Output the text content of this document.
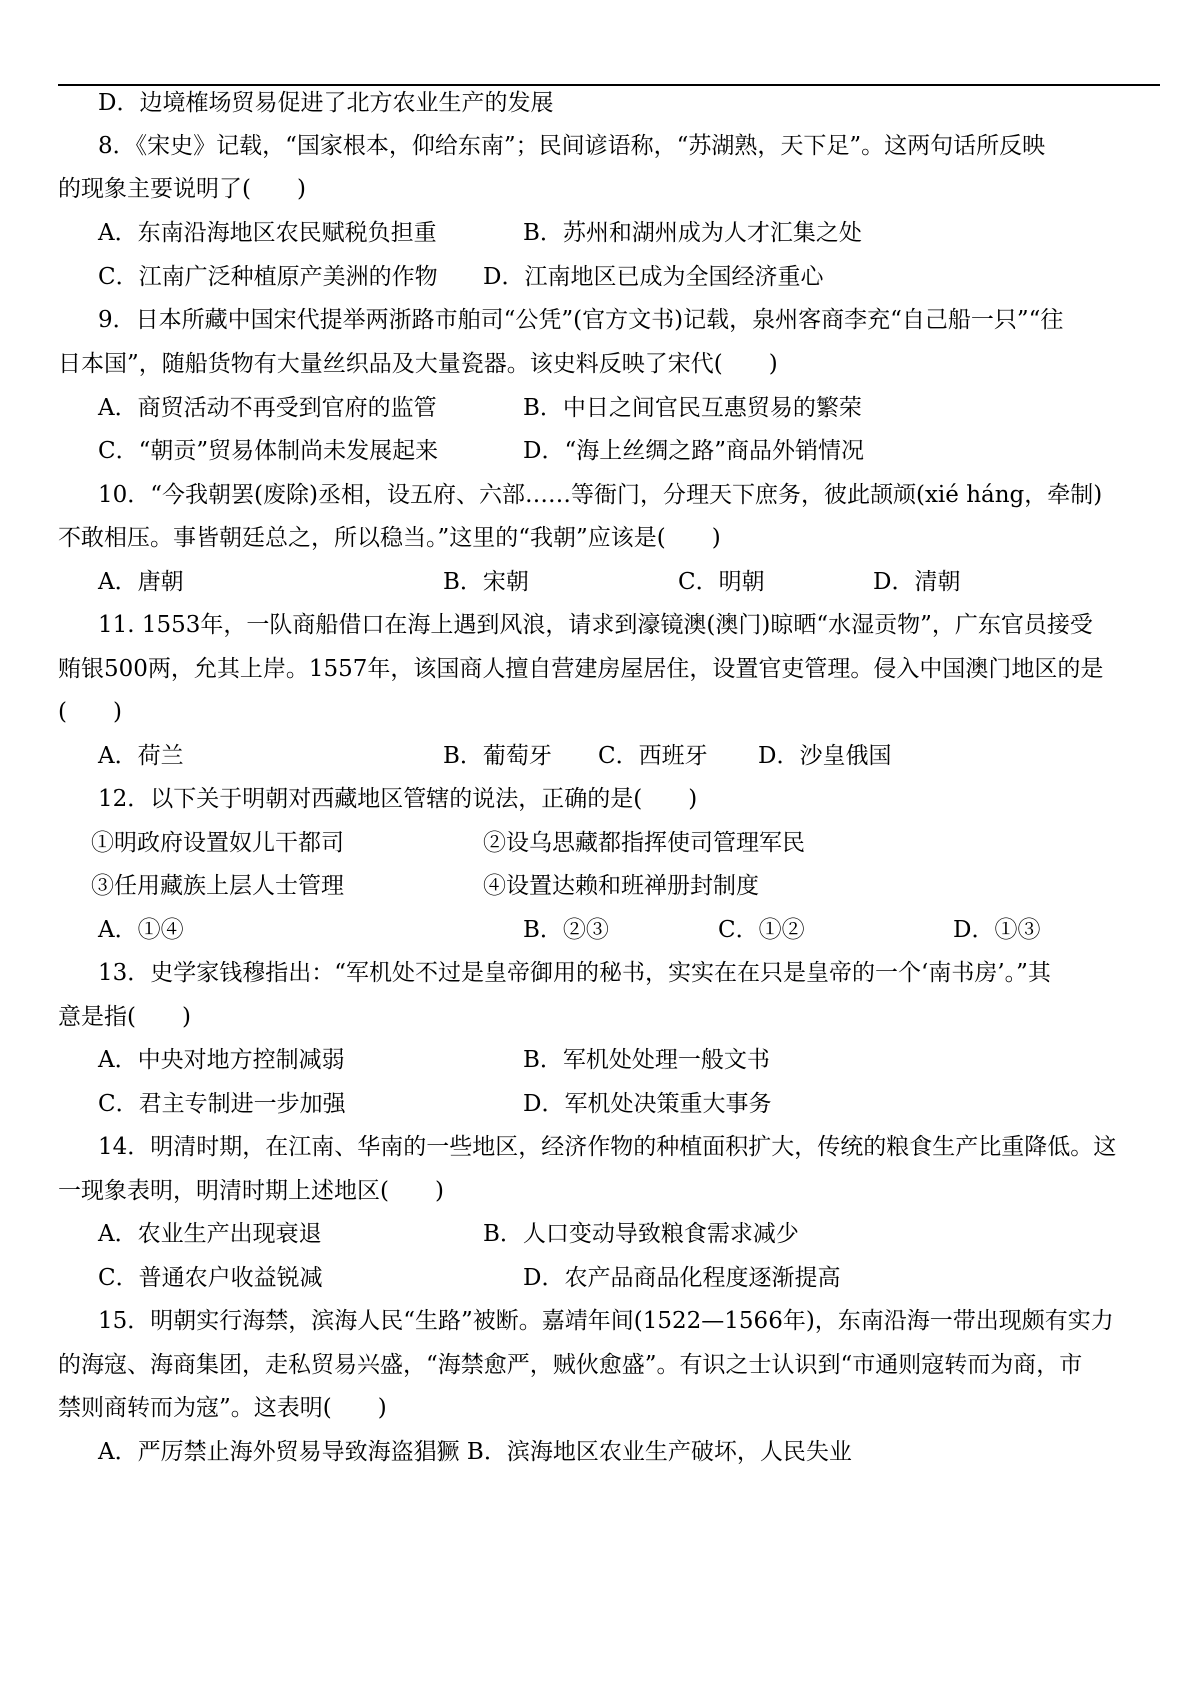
D．边境榷场贸易促进了北方农业生产的发展
8．《宋史》记载，“国家根本，仰给东南”；民间谚语称，“苏湖熟，天下足”。这两句话所反映
的现象主要说明了(　　)
A．东南沿海地区农民赋税负担重	B．苏州和湖州成为人才汇集之处
C．江南广泛种植原产美洲的作物 D．江南地区已成为全国经济重心
9．日本所藏中国宋代提举两浙路市舶司“公凭”(官方文书)记载，泉州客商李充“自己船一只”“往
日本国”，随船货物有大量丝织品及大量瓷器。该史料反映了宋代(　　)
A．商贸活动不再受到官府的监管	B．中日之间官民互惠贸易的繁荣
C．“朝贡”贸易体制尚未发展起来	D．“海上丝绸之路”商品外销情况
10．“今我朝罢(废除)丞相，设五府、六部……等衙门，分理天下庶务，彼此颉颃(xié háng，牵制)
不敢相压。事皆朝廷总之，所以稳当。”这里的“我朝”应该是(　　)
A．唐朝	B．宋朝	C．明朝	D．清朝
11. 1553年，一队商船借口在海上遇到风浪，请求到濠镜澳(澳门)晾晒“水湿贡物”，广东官员接受
贿银500两，允其上岸。1557年，该国商人擅自营建房屋居住，设置官吏管理。侵入中国澳门地区的是
(　　)
A．荷兰	B．葡萄牙 C．西班牙 D．沙皇俄国
12．以下关于明朝对西藏地区管辖的说法，正确的是(　　)
①明政府设置奴儿干都司	②设乌思藏都指挥使司管理军民
③任用藏族上层人士管理	④设置达赖和班禅册封制度
A．①④	B．②③	C．①②	D．①③
13．史学家钱穆指出：“军机处不过是皇帝御用的秘书，实实在在只是皇帝的一个‘南书房’。”其
意是指(　　)
A．中央对地方控制减弱	B．军机处处理一般文书
C．君主专制进一步加强	D．军机处决策重大事务
14．明清时期，在江南、华南的一些地区，经济作物的种植面积扩大，传统的粮食生产比重降低。这
一现象表明，明清时期上述地区(　　)
A．农业生产出现衰退	B．人口变动导致粮食需求减少
C．普通农户收益锐减	D．农产品商品化程度逐渐提高
15．明朝实行海禁，滨海人民“生路”被断。嘉靖年间(1522—1566年)，东南沿海一带出现颇有实力
的海寇、海商集团，走私贸易兴盛，“海禁愈严，贼伙愈盛”。有识之士认识到“市通则寇转而为商，市
禁则商转而为寇”。这表明(　　)
A．严厉禁止海外贸易导致海盗猖獗 B．滨海地区农业生产破坏，人民失业
